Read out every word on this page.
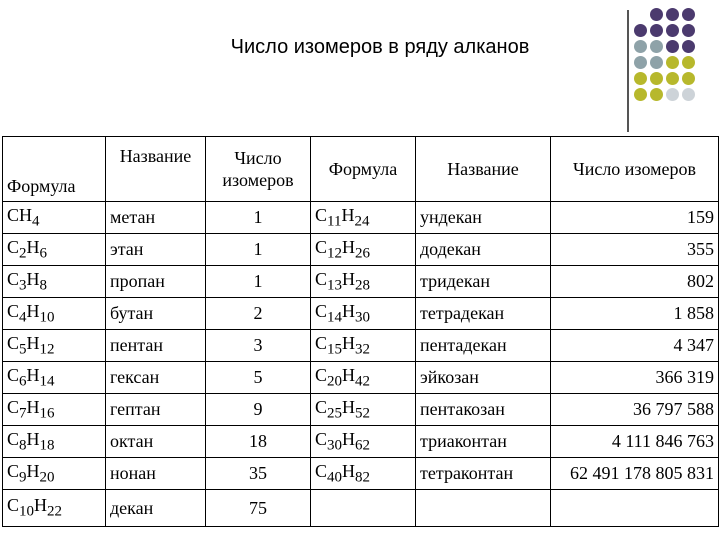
Число изомеров в ряду алканов
Формула	Название	Число изомеров	Формула	Название	Число изомеров
$CH_4$	метан	1	$C_{11}H_{24}$	ундекан	159
$C_2H_6$	этан	1	$C_{12}H_{26}$	додекан	355
$C_3H_8$	пропан	1	$C_{13}H_{28}$	тридекан	802
$C_4H_{10}$	бутан	2	$C_{14}H_{30}$	тетрадекан	1 858
$C_5H_{12}$	пентан	3	$C_{15}H_{32}$	пентадекан	4 347
$C_6H_{14}$	гексан	5	$C_{20}H_{42}$	эйкозан	366 319
$C_7H_{16}$	гептан	9	$C_{25}H_{52}$	пентакозан	36 797 588
$C_8H_{18}$	октан	18	$C_{30}H_{62}$	триаконтан	4 111 846 763
$C_9H_{20}$	нонан	35	$C_{40}H_{82}$	тетраконтан	62 491 178 805 831
$C_{10}H_{22}$	декан	75			
